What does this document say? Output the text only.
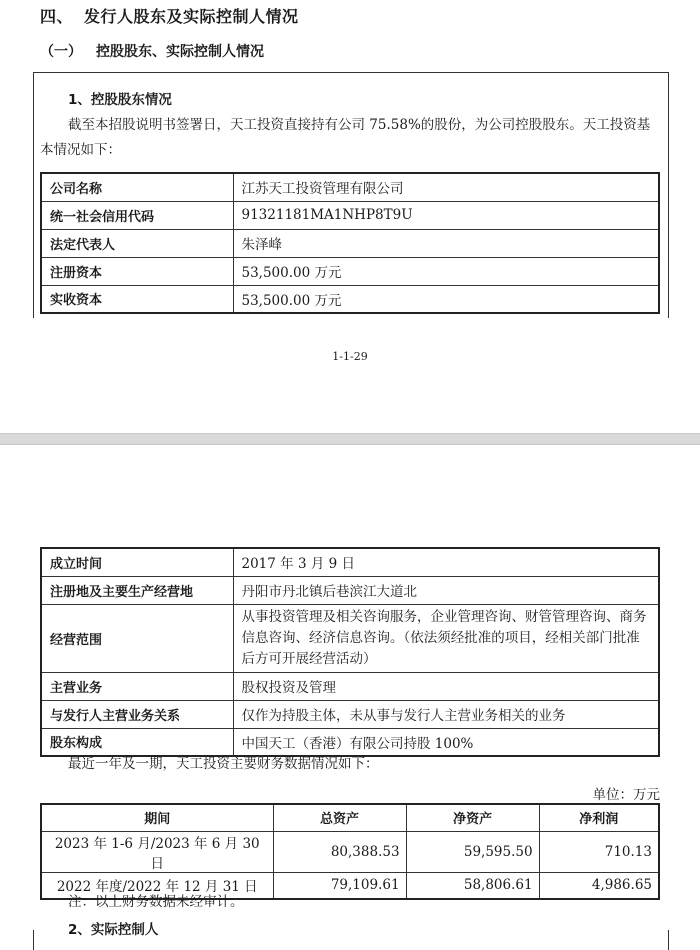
四、 发行人股东及实际控制人情况
（一） 控股股东、实际控制人情况
1、控股股东情况

截至本招股说明书签署日，天工投资直接持有公司 75.58%的股份，为公司控股股东。天工投资基本情况如下：

公司名称	江苏天工投资管理有限公司
统一社会信用代码	91321181MA1NHP8T9U
法定代表人	朱泽峰
注册资本	53,500.00 万元
实收资本	53,500.00 万元
1-1-29
成立时间	2017 年 3 月 9 日
注册地及主要生产经营地	丹阳市丹北镇后巷滨江大道北
经营范围	从事投资管理及相关咨询服务，企业管理咨询、财管管理咨询、商务信息咨询、经济信息咨询。（依法须经批准的项目，经相关部门批准后方可开展经营活动）
主营业务	股权投资及管理
与发行人主营业务关系	仅作为持股主体，未从事与发行人主营业务相关的业务
股东构成	中国天工（香港）有限公司持股 100%

最近一年及一期，天工投资主要财务数据情况如下：

单位：万元
期间	总资产	净资产	净利润
2023 年 1-6 月/2023 年 6 月 30 日	80,388.53	59,595.50	710.13
2022 年度/2022 年 12 月 31 日	79,109.61	58,806.61	4,986.65
注：以上财务数据未经审计。
2、实际控制人
